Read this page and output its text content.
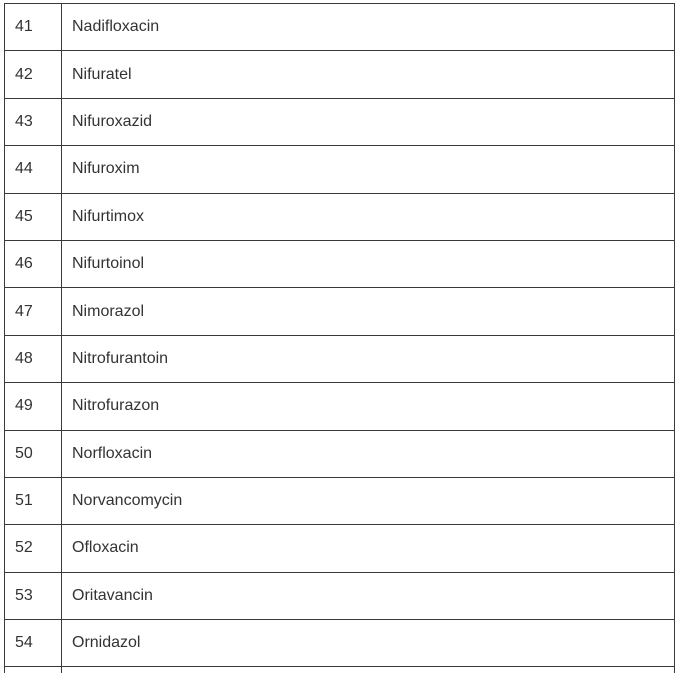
41	Nadifloxacin
42	Nifuratel
43	Nifuroxazid
44	Nifuroxim
45	Nifurtimox
46	Nifurtoinol
47	Nimorazol
48	Nitrofurantoin
49	Nitrofurazon
50	Norfloxacin
51	Norvancomycin
52	Ofloxacin
53	Oritavancin
54	Ornidazol
